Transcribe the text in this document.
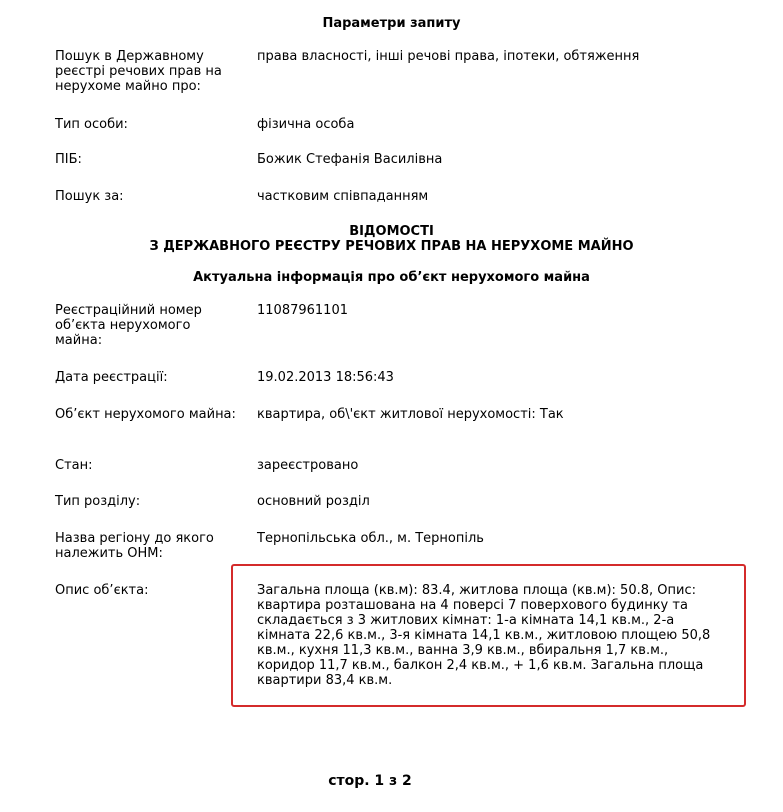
Параметри запиту
Пошук в Державному реєстрі речових прав на нерухоме майно про:
права власності, інші речові права, іпотеки, обтяження
Тип особи:	фізична особа
ПІБ:	Божик Стефанія Василівна
Пошук за:	частковим співпаданням
ВІДОМОСТІ
З ДЕРЖАВНОГО РЕЄСТРУ РЕЧОВИХ ПРАВ НА НЕРУХОМЕ МАЙНО
Актуальна інформація про об’єкт нерухомого майна
Реєстраційний номер об’єкта нерухомого майна:
11087961101
Дата реєстрації:	19.02.2013 18:56:43
Об’єкт нерухомого майна:	квартира, об\'єкт житлової нерухомості: Так
Стан:	зареєстровано
Тип розділу:	основний розділ
Назва регіону до якого належить ОНМ:
Тернопільська обл., м. Тернопіль
Опис об’єкта:	Загальна площа (кв.м): 83.4, житлова площа (кв.м): 50.8, Опис: квартира розташована на 4 поверсі 7 поверхового будинку та складається з 3 житлових кімнат: 1-а кімната 14,1 кв.м., 2-а кімната 22,6 кв.м., 3-я кімната 14,1 кв.м., житловою площею 50,8 кв.м., кухня 11,3 кв.м., ванна 3,9 кв.м., вбиральня 1,7 кв.м., коридор 11,7 кв.м., балкон 2,4 кв.м., + 1,6 кв.м. Загальна площа квартири 83,4 кв.м.
стор. 1 з 2
